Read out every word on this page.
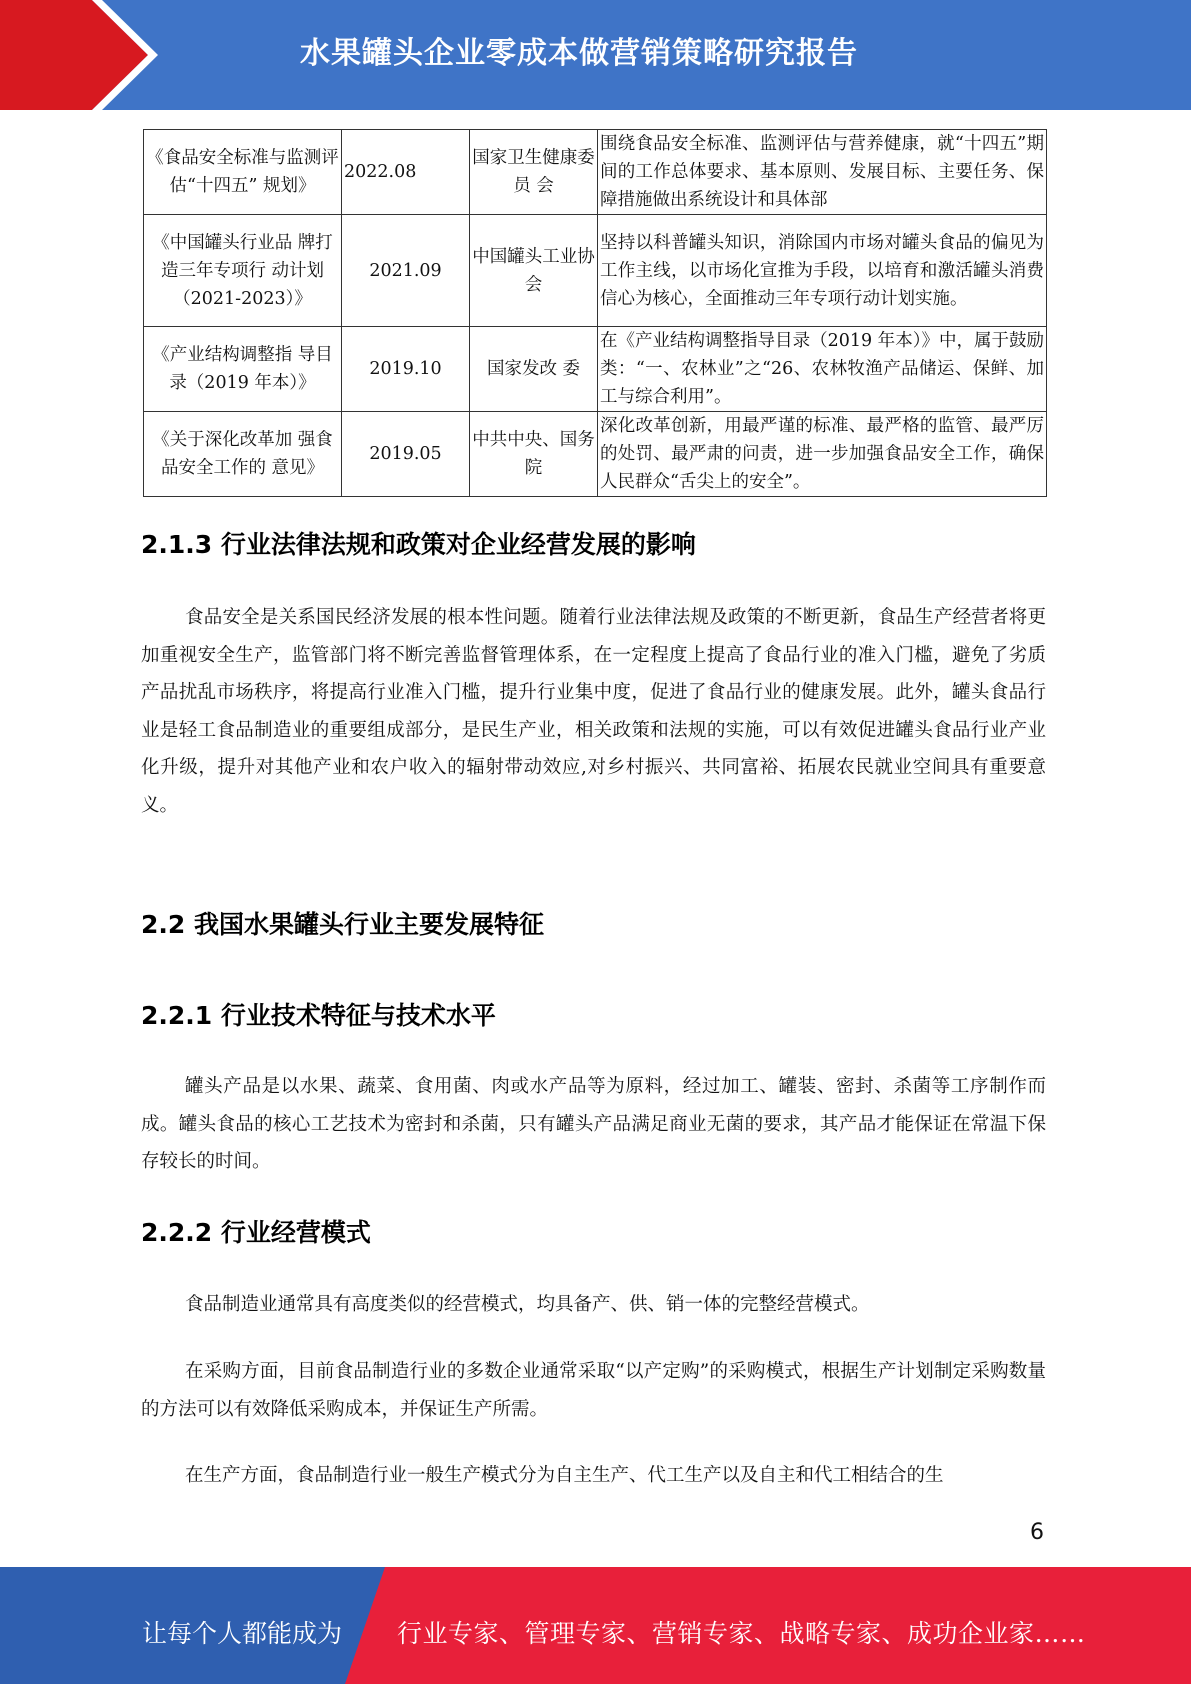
水果罐头企业零成本做营销策略研究报告
《食品安全标准与监测评估“十四五” 规划》	2022.08	国家卫生健康委员 会	围绕食品安全标准、监测评估与营养健康，就“十四五”期间的工作总体要求、基本原则、发展目标、主要任务、保障措施做出系统设计和具体部
《中国罐头行业品 牌打造三年专项行 动计划（2021-2023）》	2021.09	中国罐头工业协会	坚持以科普罐头知识，消除国内市场对罐头食品的偏见为工作主线，以市场化宣推为手段，以培育和激活罐头消费信心为核心，全面推动三年专项行动计划实施。
《产业结构调整指 导目录（2019 年本）》	2019.10	国家发改 委	在《产业结构调整指导目录（2019 年本）》中，属于鼓励类：“一、农林业”之“26、农林牧渔产品储运、保鲜、加工与综合利用”。
《关于深化改革加 强食品安全工作的 意见》	2019.05	中共中央、国务院	深化改革创新，用最严谨的标准、最严格的监管、最严厉的处罚、最严肃的问责，进一步加强食品安全工作，确保人民群众“舌尖上的安全”。
2.1.3 行业法律法规和政策对企业经营发展的影响

食品安全是关系国民经济发展的根本性问题。随着行业法律法规及政策的不断更新，食品生产经营者将更加重视安全生产，监管部门将不断完善监督管理体系，在一定程度上提高了食品行业的准入门槛，避免了劣质产品扰乱市场秩序，将提高行业准入门槛，提升行业集中度，促进了食品行业的健康发展。此外，罐头食品行业是轻工食品制造业的重要组成部分，是民生产业，相关政策和法规的实施，可以有效促进罐头食品行业产业化升级，提升对其他产业和农户收入的辐射带动效应,对乡村振兴、共同富裕、拓展农民就业空间具有重要意义。

2.2 我国水果罐头行业主要发展特征
2.2.1 行业技术特征与技术水平

罐头产品是以水果、蔬菜、食用菌、肉或水产品等为原料，经过加工、罐装、密封、杀菌等工序制作而成。罐头食品的核心工艺技术为密封和杀菌，只有罐头产品满足商业无菌的要求，其产品才能保证在常温下保存较长的时间。

2.2.2 行业经营模式

食品制造业通常具有高度类似的经营模式，均具备产、供、销一体的完整经营模式。

在采购方面，目前食品制造行业的多数企业通常采取“以产定购”的采购模式，根据生产计划制定采购数量的方法可以有效降低采购成本，并保证生产所需。

在生产方面，食品制造行业一般生产模式分为自主生产、代工生产以及自主和代工相结合的生

6
让每个人都能成为 行业专家、管理专家、营销专家、战略专家、成功企业家……
